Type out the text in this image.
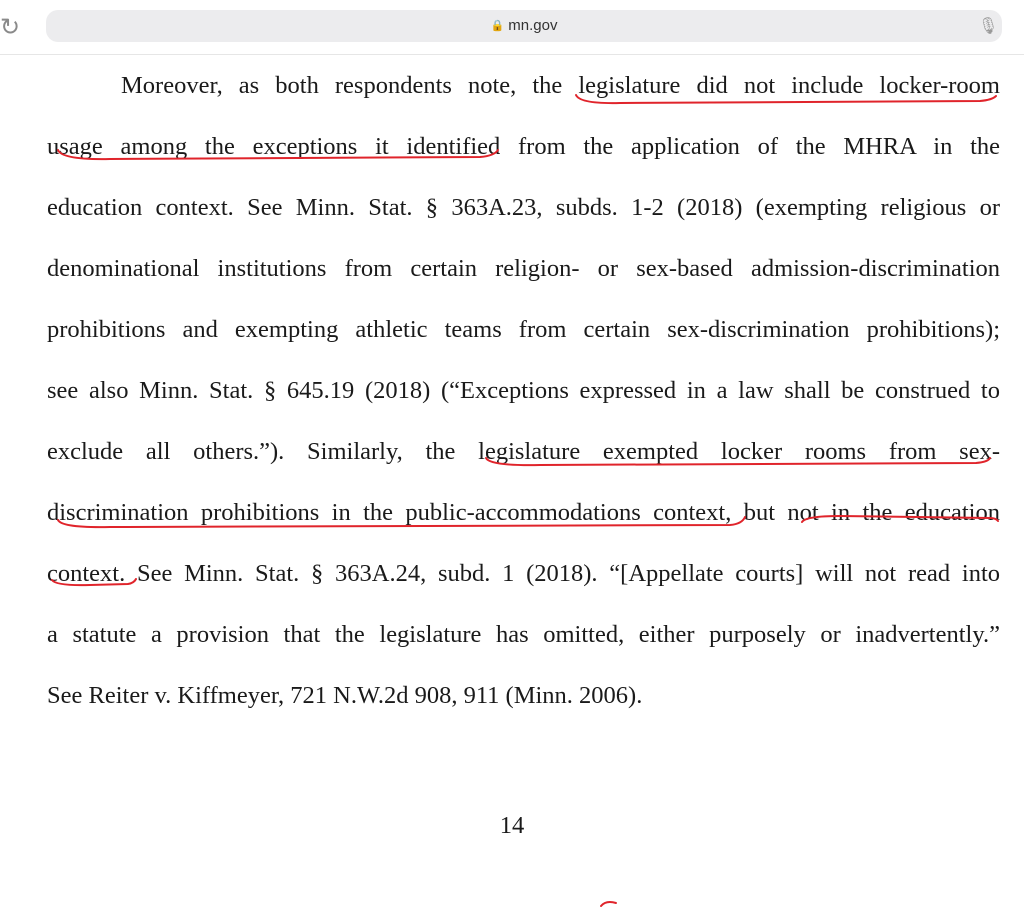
↻	🔒 mn.gov	🎙
Moreover, as both respondents note, the legislature did not include locker-room
usage among the exceptions it identified from the application of the MHRA in the
education context. See Minn. Stat. § 363A.23, subds. 1-2 (2018) (exempting religious or
denominational institutions from certain religion- or sex-based admission-discrimination
prohibitions and exempting athletic teams from certain sex-discrimination prohibitions);
see also Minn. Stat. § 645.19 (2018) (“Exceptions expressed in a law shall be construed to
exclude all others.”). Similarly, the legislature exempted locker rooms from sex-
discrimination prohibitions in the public-accommodations context, but not in the education
context. See Minn. Stat. § 363A.24, subd. 1 (2018). “[Appellate courts] will not read into
a statute a provision that the legislature has omitted, either purposely or inadvertently.”
See Reiter v. Kiffmeyer, 721 N.W.2d 908, 911 (Minn. 2006).
14
